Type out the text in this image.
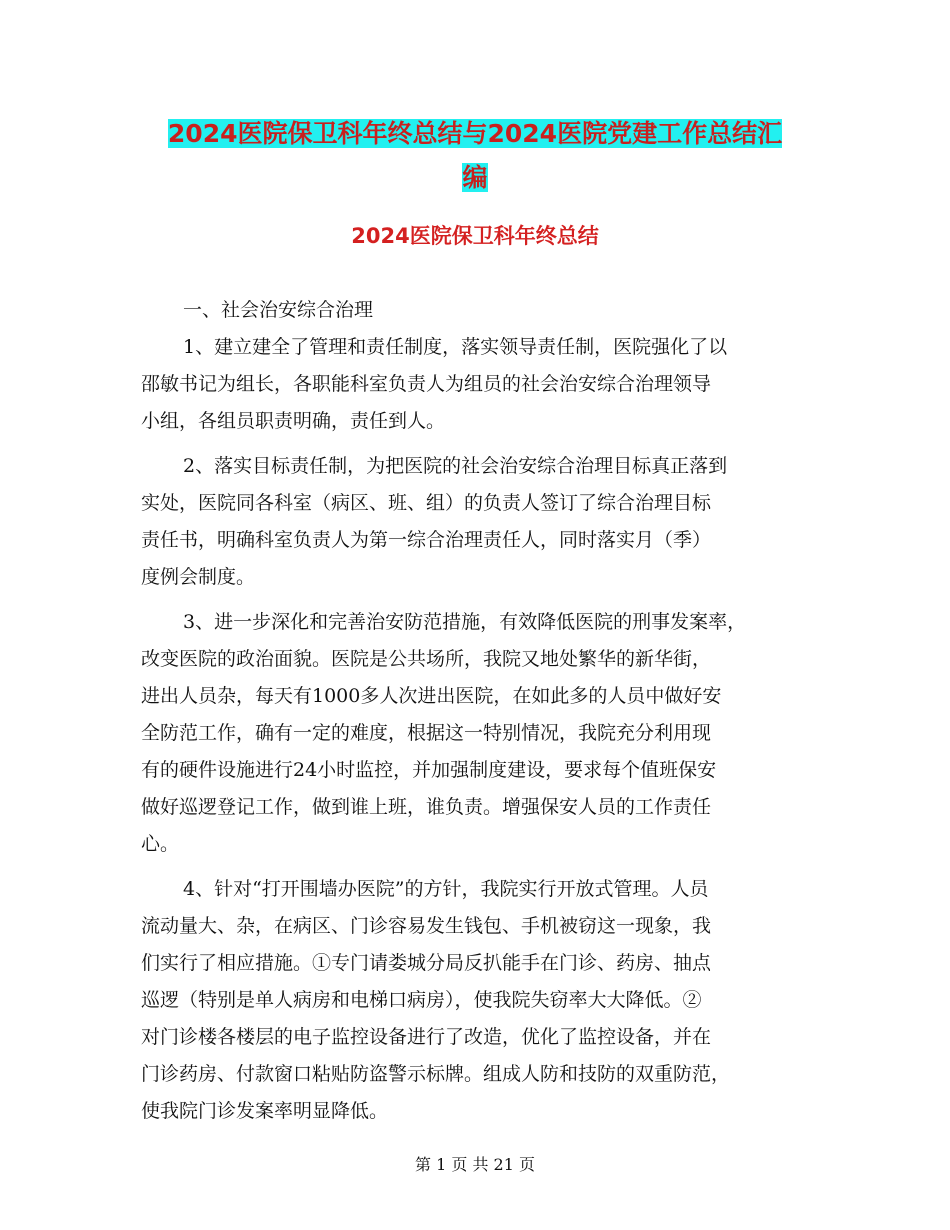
2024医院保卫科年终总结与2024医院党建工作总结汇
编
2024医院保卫科年终总结
一、社会治安综合治理
1、建立建全了管理和责任制度，落实领导责任制，医院强化了以
邵敏书记为组长，各职能科室负责人为组员的社会治安综合治理领导
小组，各组员职责明确，责任到人。
2、落实目标责任制，为把医院的社会治安综合治理目标真正落到
实处，医院同各科室（病区、班、组）的负责人签订了综合治理目标
责任书，明确科室负责人为第一综合治理责任人，同时落实月（季）
度例会制度。
3、进一步深化和完善治安防范措施，有效降低医院的刑事发案率，
改变医院的政治面貌。医院是公共场所，我院又地处繁华的新华街，
进出人员杂，每天有1000多人次进出医院，在如此多的人员中做好安
全防范工作，确有一定的难度，根据这一特别情况，我院充分利用现
有的硬件设施进行24小时监控，并加强制度建设，要求每个值班保安
做好巡逻登记工作，做到谁上班，谁负责。增强保安人员的工作责任
心。
4、针对“打开围墙办医院”的方针，我院实行开放式管理。人员
流动量大、杂，在病区、门诊容易发生钱包、手机被窃这一现象，我
们实行了相应措施。①专门请娄城分局反扒能手在门诊、药房、抽点
巡逻（特别是单人病房和电梯口病房），使我院失窃率大大降低。②
对门诊楼各楼层的电子监控设备进行了改造，优化了监控设备，并在
门诊药房、付款窗口粘贴防盗警示标牌。组成人防和技防的双重防范，
使我院门诊发案率明显降低。
第 1 页 共 21 页
